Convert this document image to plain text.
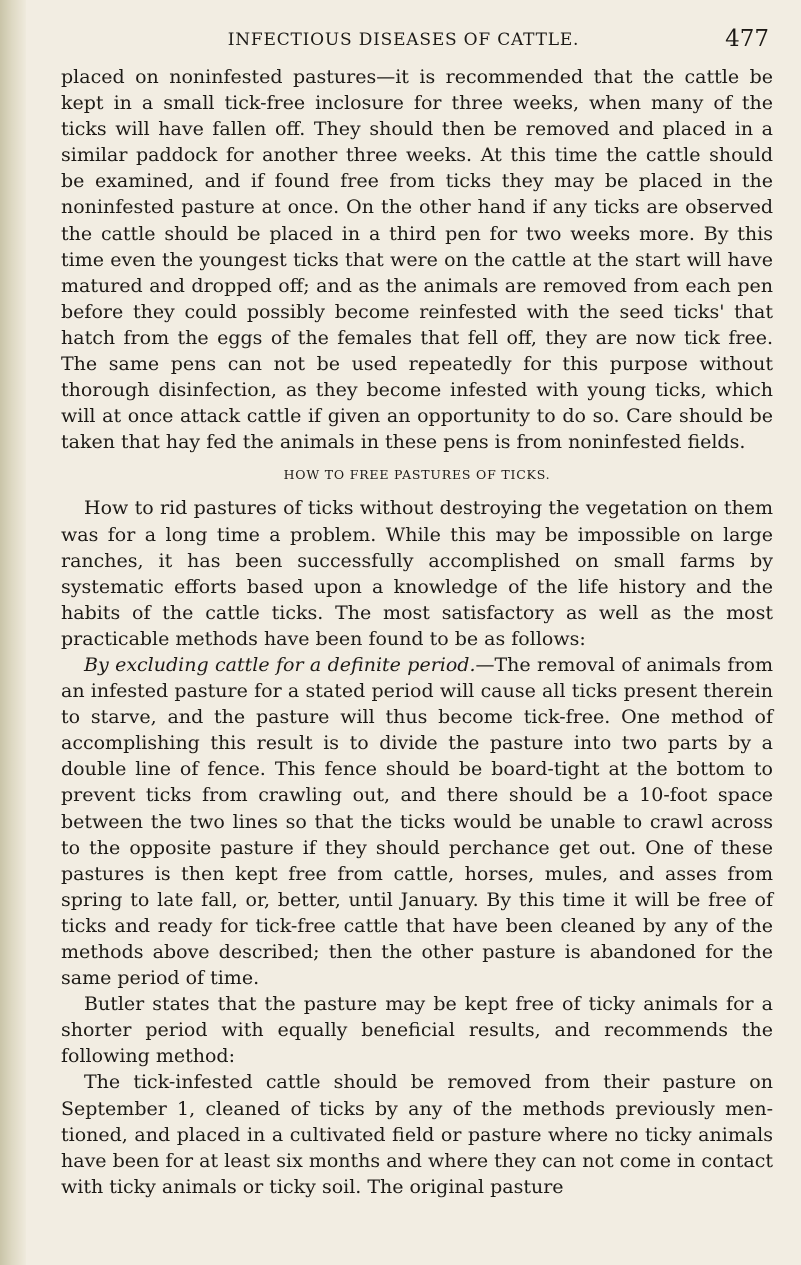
INFECTIOUS DISEASES OF CATTLE.	477

placed on noninfested pastures—it is recommended that the cattle be kept in a small tick-free inclosure for three weeks, when many of the ticks will have fallen off. They should then be removed and placed in a similar paddock for another three weeks. At this time the cattle should be examined, and if found free from ticks they may be placed in the noninfested pasture at once. On the other hand if any ticks are observed the cattle should be placed in a third pen for two weeks more. By this time even the youngest ticks that were on the cattle at the start will have matured and dropped off; and as the animals are removed from each pen before they could possibly become reinfested with the seed ticks' that hatch from the eggs of the females that fell off, they are now tick free. The same pens can not be used repeatedly for this purpose without thorough disinfection, as they become infested with young ticks, which will at once attack cattle if given an opportunity to do so. Care should be taken that hay fed the animals in these pens is from noninfested fields.

HOW TO FREE PASTURES OF TICKS.

How to rid pastures of ticks without destroying the vegetation on them was for a long time a problem. While this may be impossible on large ranches, it has been successfully accomplished on small farms by systematic efforts based upon a knowledge of the life history and the habits of the cattle ticks. The most satisfactory as well as the most practicable methods have been found to be as follows:

By excluding cattle for a definite period.—The removal of animals from an infested pasture for a stated period will cause all ticks present therein to starve, and the pasture will thus become tick-free. One method of accomplishing this result is to divide the pasture into two parts by a double line of fence. This fence should be board-tight at the bottom to prevent ticks from crawling out, and there should be a 10-foot space between the two lines so that the ticks would be unable to crawl across to the opposite pasture if they should perchance get out. One of these pastures is then kept free from cattle, horses, mules, and asses from spring to late fall, or, better, until January. By this time it will be free of ticks and ready for tick-free cattle that have been cleaned by any of the methods above described; then the other pasture is abandoned for the same period of time.

Butler states that the pasture may be kept free of ticky animals for a shorter period with equally beneficial results, and recommends the following method:

The tick-infested cattle should be removed from their pasture on September 1, cleaned of ticks by any of the methods previously mentioned, and placed in a cultivated field or pasture where no ticky animals have been for at least six months and where they can not come in contact with ticky animals or ticky soil. The original pasture
